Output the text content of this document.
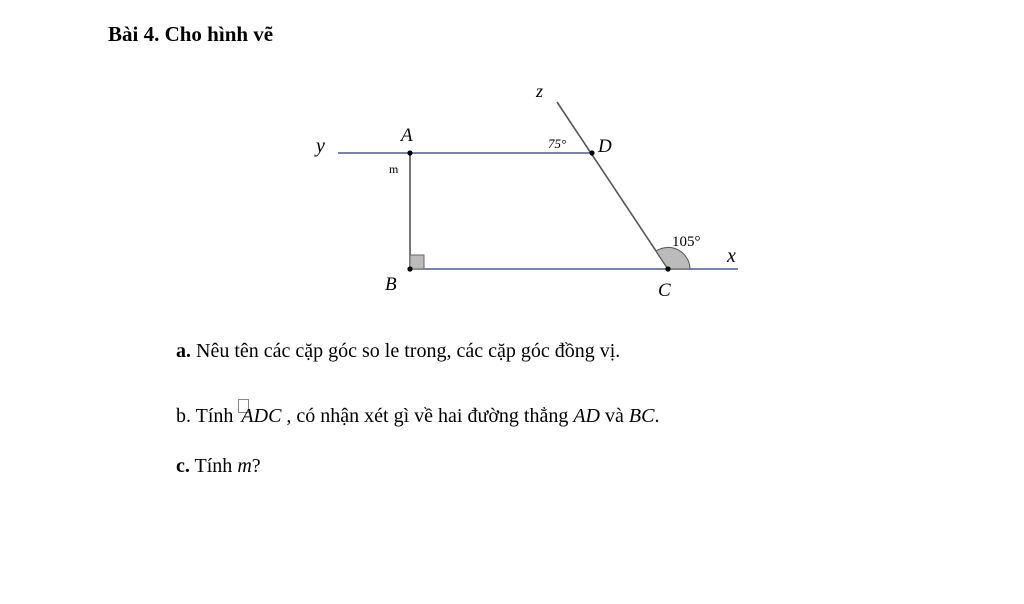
Bài 4. Cho hình vẽ
z
y	A	75° D
m
105°
x
B	C
a. Nêu tên các cặp góc so le trong, các cặp góc đồng vị.
b. Tính ADC , có nhận xét gì về hai đường thẳng AD và BC.
c. Tính m?
